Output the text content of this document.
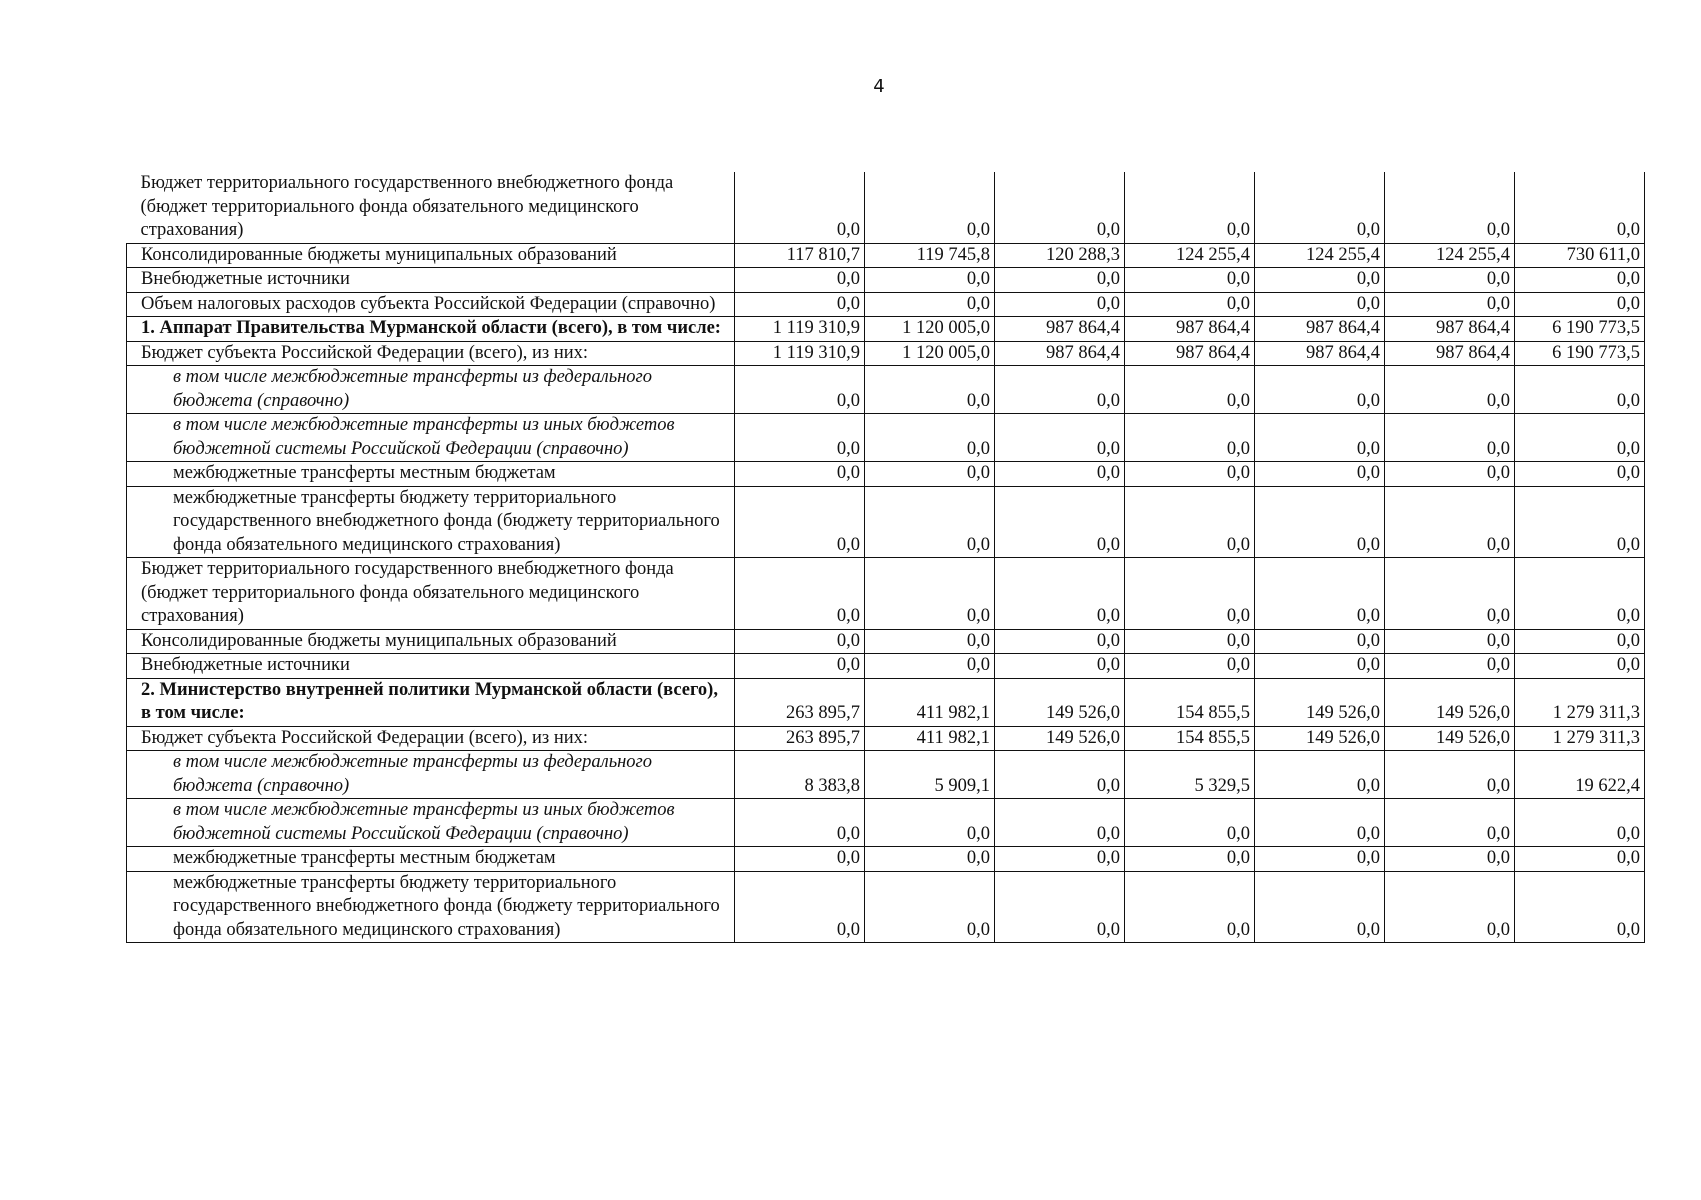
4
Бюджет территориального государственного внебюджетного фонда (бюджет территориального фонда обязательного медицинского страхования)	0,0	0,0	0,0	0,0	0,0	0,0	0,0
Консолидированные бюджеты муниципальных образований	117 810,7	119 745,8	120 288,3	124 255,4	124 255,4	124 255,4	730 611,0
Внебюджетные источники	0,0	0,0	0,0	0,0	0,0	0,0	0,0
Объем налоговых расходов субъекта Российской Федерации (справочно)	0,0	0,0	0,0	0,0	0,0	0,0	0,0
1. Аппарат Правительства Мурманской области (всего), в том числе:	1 119 310,9	1 120 005,0	987 864,4	987 864,4	987 864,4	987 864,4	6 190 773,5
Бюджет субъекта Российской Федерации (всего), из них:	1 119 310,9	1 120 005,0	987 864,4	987 864,4	987 864,4	987 864,4	6 190 773,5
в том числе межбюджетные трансферты из федерального бюджета (справочно)	0,0	0,0	0,0	0,0	0,0	0,0	0,0
в том числе межбюджетные трансферты из иных бюджетов бюджетной системы Российской Федерации (справочно)	0,0	0,0	0,0	0,0	0,0	0,0	0,0
межбюджетные трансферты местным бюджетам	0,0	0,0	0,0	0,0	0,0	0,0	0,0
межбюджетные трансферты бюджету территориального государственного внебюджетного фонда (бюджету территориального фонда обязательного медицинского страхования)	0,0	0,0	0,0	0,0	0,0	0,0	0,0
Бюджет территориального государственного внебюджетного фонда (бюджет территориального фонда обязательного медицинского страхования)	0,0	0,0	0,0	0,0	0,0	0,0	0,0
Консолидированные бюджеты муниципальных образований	0,0	0,0	0,0	0,0	0,0	0,0	0,0
Внебюджетные источники	0,0	0,0	0,0	0,0	0,0	0,0	0,0
2. Министерство внутренней политики Мурманской области (всего), в том числе:	263 895,7	411 982,1	149 526,0	154 855,5	149 526,0	149 526,0	1 279 311,3
Бюджет субъекта Российской Федерации (всего), из них:	263 895,7	411 982,1	149 526,0	154 855,5	149 526,0	149 526,0	1 279 311,3
в том числе межбюджетные трансферты из федерального бюджета (справочно)	8 383,8	5 909,1	0,0	5 329,5	0,0	0,0	19 622,4
в том числе межбюджетные трансферты из иных бюджетов бюджетной системы Российской Федерации (справочно)	0,0	0,0	0,0	0,0	0,0	0,0	0,0
межбюджетные трансферты местным бюджетам	0,0	0,0	0,0	0,0	0,0	0,0	0,0
межбюджетные трансферты бюджету территориального государственного внебюджетного фонда (бюджету территориального фонда обязательного медицинского страхования)	0,0	0,0	0,0	0,0	0,0	0,0	0,0
